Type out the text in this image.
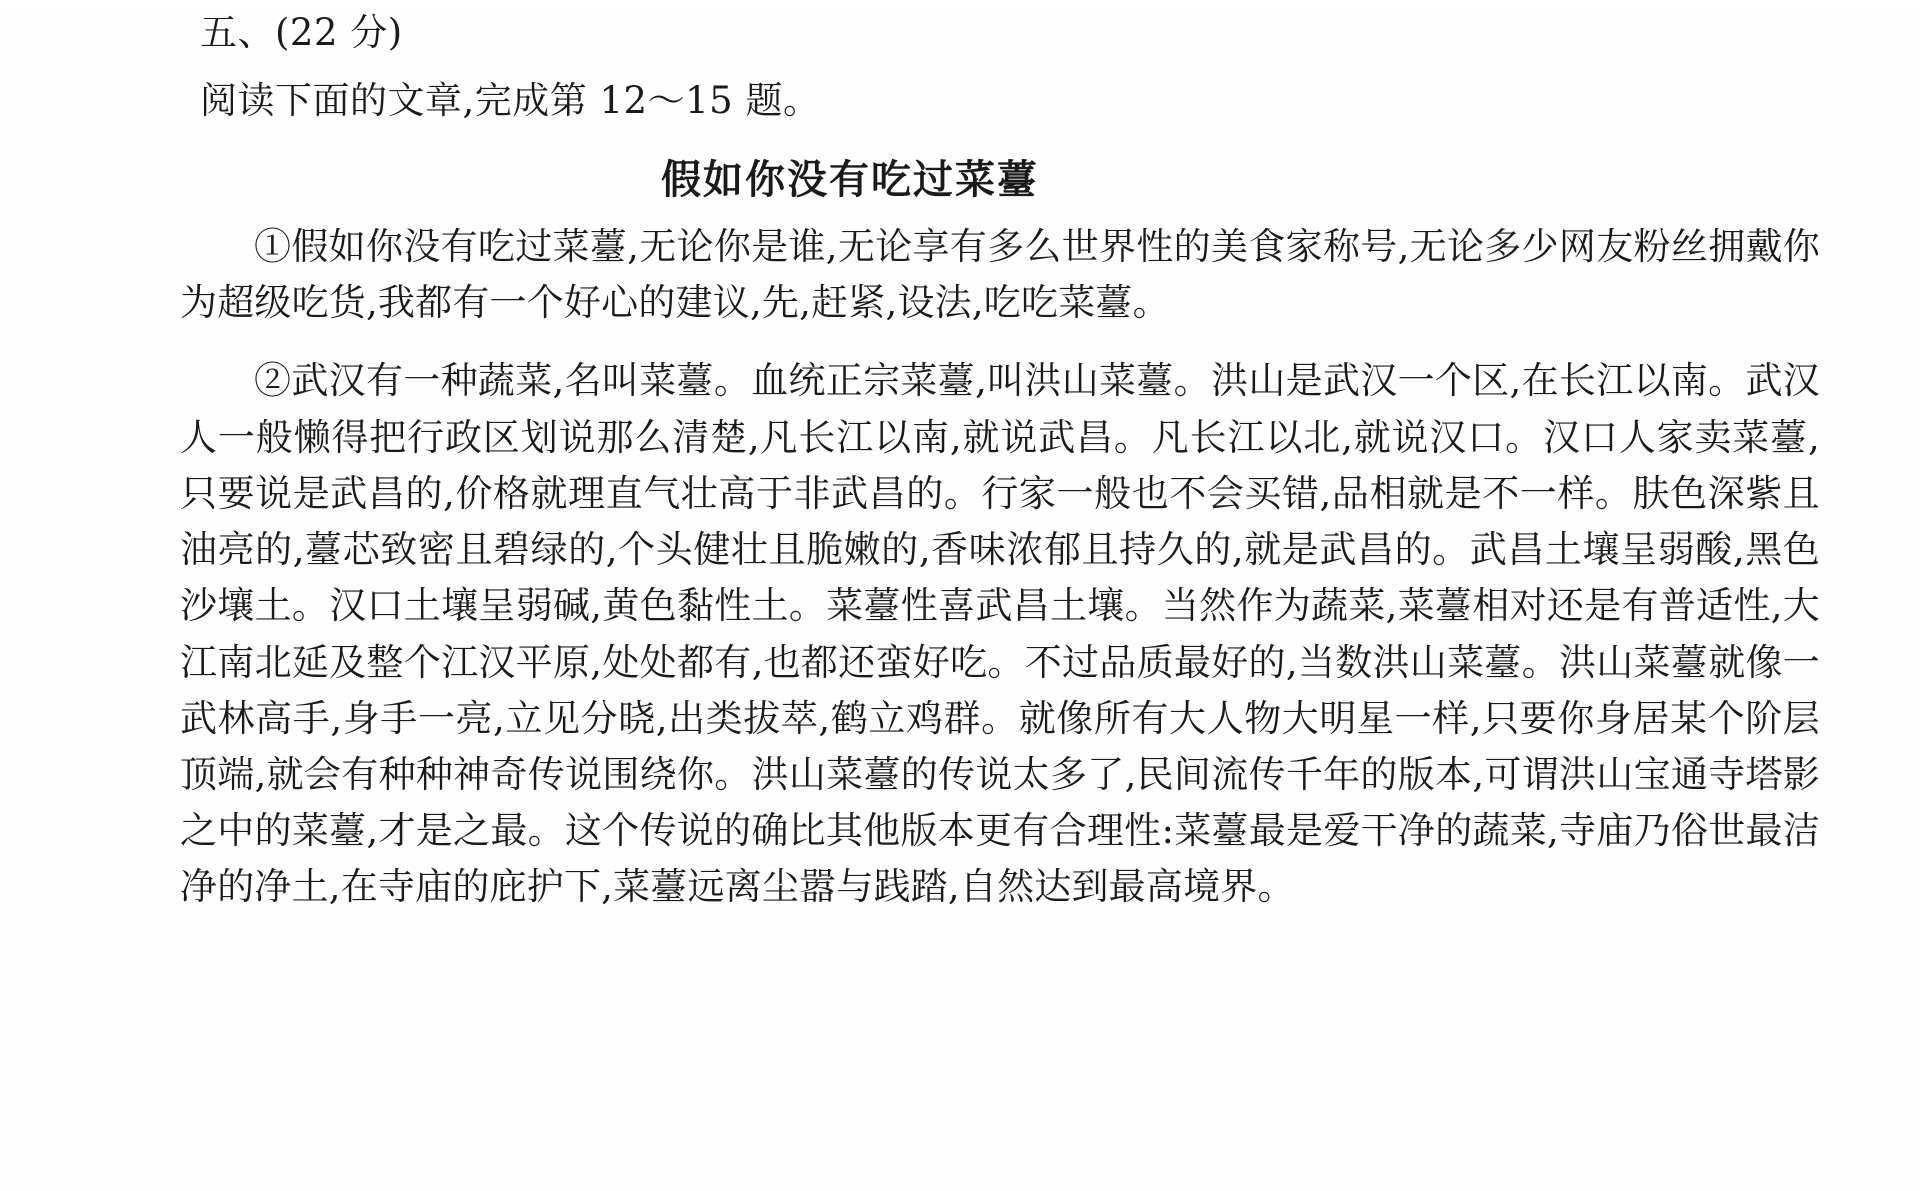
五、(22 分)
阅读下面的文章,完成第 12～15 题。
假如你没有吃过菜薹
①假如你没有吃过菜薹,无论你是谁,无论享有多么世界性的美食家称号,无论多少网友粉丝拥戴你为超级吃货,我都有一个好心的建议,先,赶紧,设法,吃吃菜薹。
②武汉有一种蔬菜,名叫菜薹。血统正宗菜薹,叫洪山菜薹。洪山是武汉一个区,在长江以南。武汉人一般懒得把行政区划说那么清楚,凡长江以南,就说武昌。凡长江以北,就说汉口。汉口人家卖菜薹,只要说是武昌的,价格就理直气壮高于非武昌的。行家一般也不会买错,品相就是不一样。肤色深紫且油亮的,薹芯致密且碧绿的,个头健壮且脆嫩的,香味浓郁且持久的,就是武昌的。武昌土壤呈弱酸,黑色沙壤土。汉口土壤呈弱碱,黄色黏性土。菜薹性喜武昌土壤。当然作为蔬菜,菜薹相对还是有普适性,大江南北延及整个江汉平原,处处都有,也都还蛮好吃。不过品质最好的,当数洪山菜薹。洪山菜薹就像一武林高手,身手一亮,立见分晓,出类拔萃,鹤立鸡群。就像所有大人物大明星一样,只要你身居某个阶层顶端,就会有种种神奇传说围绕你。洪山菜薹的传说太多了,民间流传千年的版本,可谓洪山宝通寺塔影之中的菜薹,才是之最。这个传说的确比其他版本更有合理性:菜薹最是爱干净的蔬菜,寺庙乃俗世最洁净的净土,在寺庙的庇护下,菜薹远离尘嚣与践踏,自然达到最高境界。
